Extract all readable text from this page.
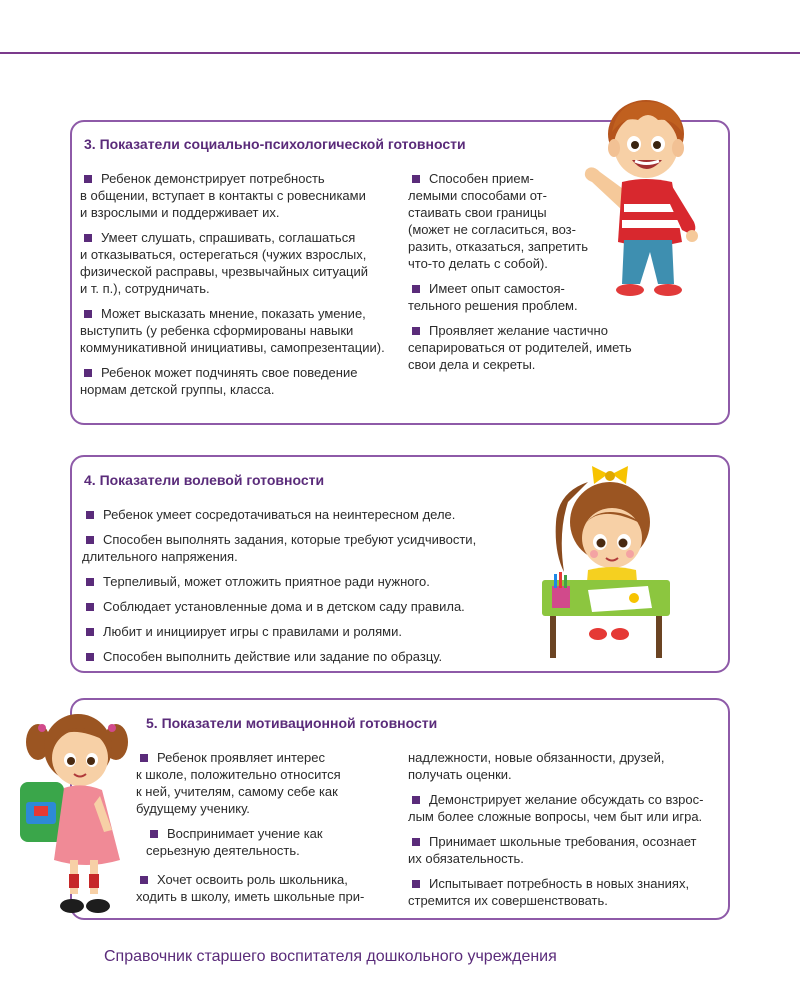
3. Показатели социально-психологической готовности
Ребенок демонстрирует потребность
в общении, вступает в контакты с ровесниками
и взрослыми и поддерживает их.
Умеет слушать, спрашивать, соглашаться
и отказываться, остерегаться (чужих взрослых,
физической расправы, чрезвычайных ситуаций
и т. п.), сотрудничать.
Может высказать мнение, показать умение,
выступить (у ребенка сформированы навыки
коммуникативной инициативы, самопрезентации).
Ребенок может подчинять свое поведение
нормам детской группы, класса.
Способен прием-
лемыми способами от-
стаивать свои границы
(может не согласиться, воз-
разить, отказаться, запретить
что-то делать с собой).
Имеет опыт самостоя-
тельного решения проблем.
Проявляет желание частично
сепарироваться от родителей, иметь
свои дела и секреты.
4. Показатели волевой готовности
Ребенок умеет сосредотачиваться на неинтересном деле.
Способен выполнять задания, которые требуют усидчивости,
длительного напряжения.
Терпеливый, может отложить приятное ради нужного.
Соблюдает установленные дома и в детском саду правила.
Любит и инициирует игры с правилами и ролями.
Способен выполнить действие или задание по образцу.
5. Показатели мотивационной готовности
Ребенок проявляет интерес
к школе, положительно относится
к ней, учителям, самому себе как
будущему ученику.
Воспринимает учение как
серьезную деятельность.
Хочет освоить роль школьника,
ходить в школу, иметь школьные при-
надлежности, новые обязанности, друзей,
получать оценки.
Демонстрирует желание обсуждать со взрос-
лым более сложные вопросы, чем быт или игра.
Принимает школьные требования, осознает
их обязательность.
Испытывает потребность в новых знаниях,
стремится их совершенствовать.
Справочник старшего воспитателя дошкольного учреждения
